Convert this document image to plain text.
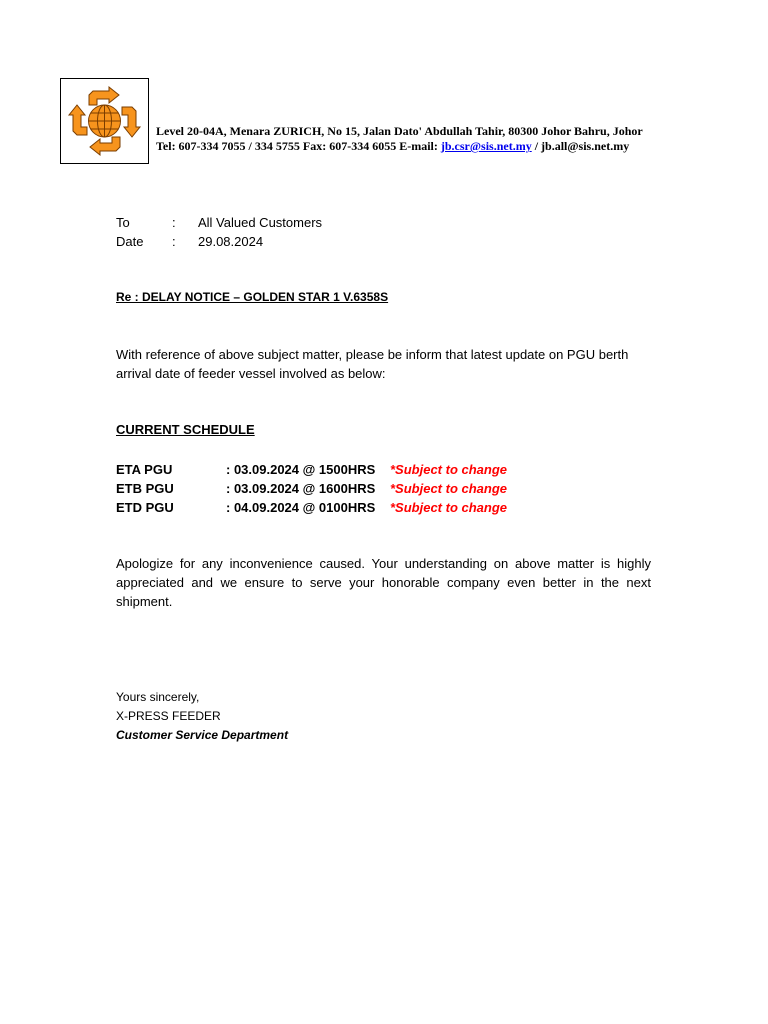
Level 20-04A, Menara ZURICH, No 15, Jalan Dato' Abdullah Tahir, 80300 Johor Bahru, Johor
Tel: 607-334 7055 / 334 5755 Fax: 607-334 6055 E-mail: jb.csr@sis.net.my / jb.all@sis.net.my
To	:	All Valued Customers
Date	:	29.08.2024
Re : DELAY NOTICE – GOLDEN STAR 1 V.6358S
With reference of above subject matter, please be inform that latest update on PGU berth arrival date of feeder vessel involved as below:
CURRENT SCHEDULE
ETA PGU	: 03.09.2024 @ 1500HRS	*Subject to change
ETB PGU	: 03.09.2024 @ 1600HRS	*Subject to change
ETD PGU	: 04.09.2024 @ 0100HRS	*Subject to change
Apologize for any inconvenience caused. Your understanding on above matter is highly appreciated and we ensure to serve your honorable company even better in the next shipment.
Yours sincerely,
X-PRESS FEEDER
Customer Service Department
